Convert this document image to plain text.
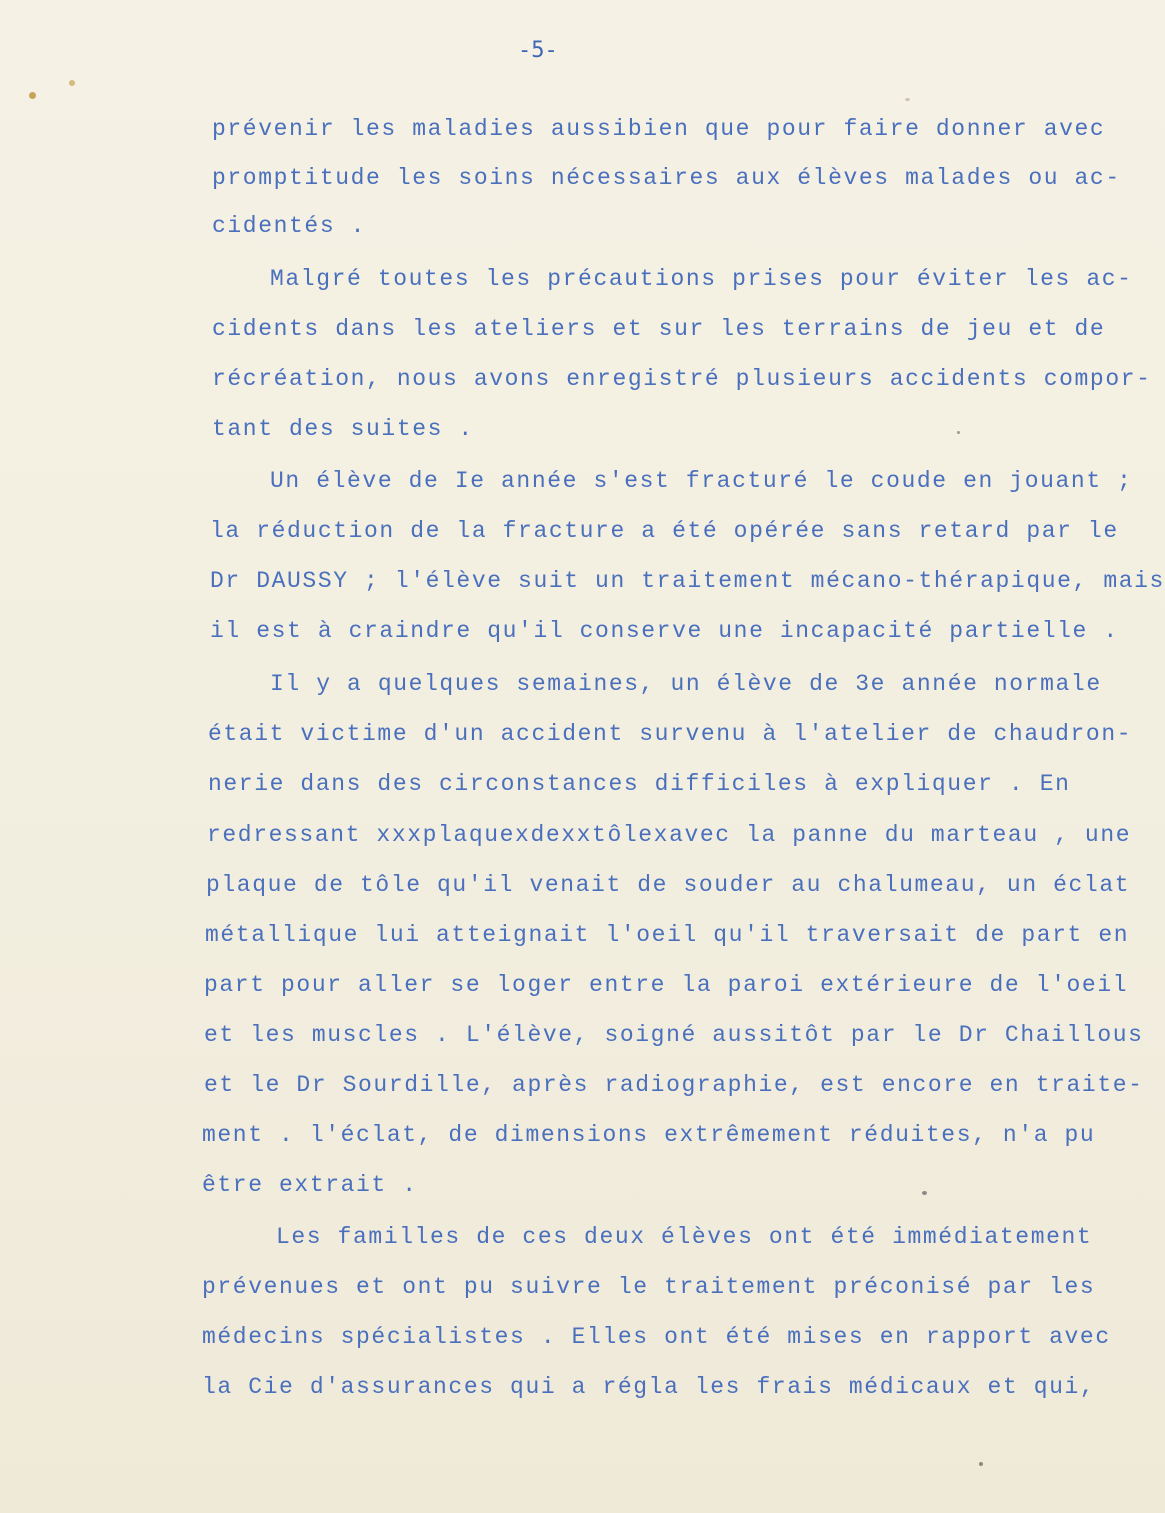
-5-
prévenir les maladies aussibien que pour faire donner avec
promptitude les soins nécessaires aux élèves malades ou ac-
cidentés .
Malgré toutes les précautions prises pour éviter les ac-
cidents dans les ateliers et sur les terrains de jeu et de
récréation, nous avons enregistré plusieurs accidents compor-
tant des suites .
Un élève de Ie année s'est fracturé le coude en jouant ;
la réduction de la fracture a été opérée sans retard par le
Dr DAUSSY ; l'élève suit un traitement mécano-thérapique, mais
il est à craindre qu'il conserve une incapacité partielle .
Il y a quelques semaines, un élève de 3e année normale
était victime d'un accident survenu à l'atelier de chaudron-
nerie dans des circonstances difficiles à expliquer . En
redressant xxxplaquexdexxtôlexavec la panne du marteau , une
plaque de tôle qu'il venait de souder au chalumeau, un éclat
métallique lui atteignait l'oeil qu'il traversait de part en
part pour aller se loger entre la paroi extérieure de l'oeil
et les muscles . L'élève, soigné aussitôt par le Dr Chaillous
et le Dr Sourdille, après radiographie, est encore en traite-
ment . l'éclat, de dimensions extrêmement réduites, n'a pu
être extrait .
Les familles de ces deux élèves ont été immédiatement
prévenues et ont pu suivre le traitement préconisé par les
médecins spécialistes . Elles ont été mises en rapport avec
la Cie d'assurances qui a régla les frais médicaux et qui,
